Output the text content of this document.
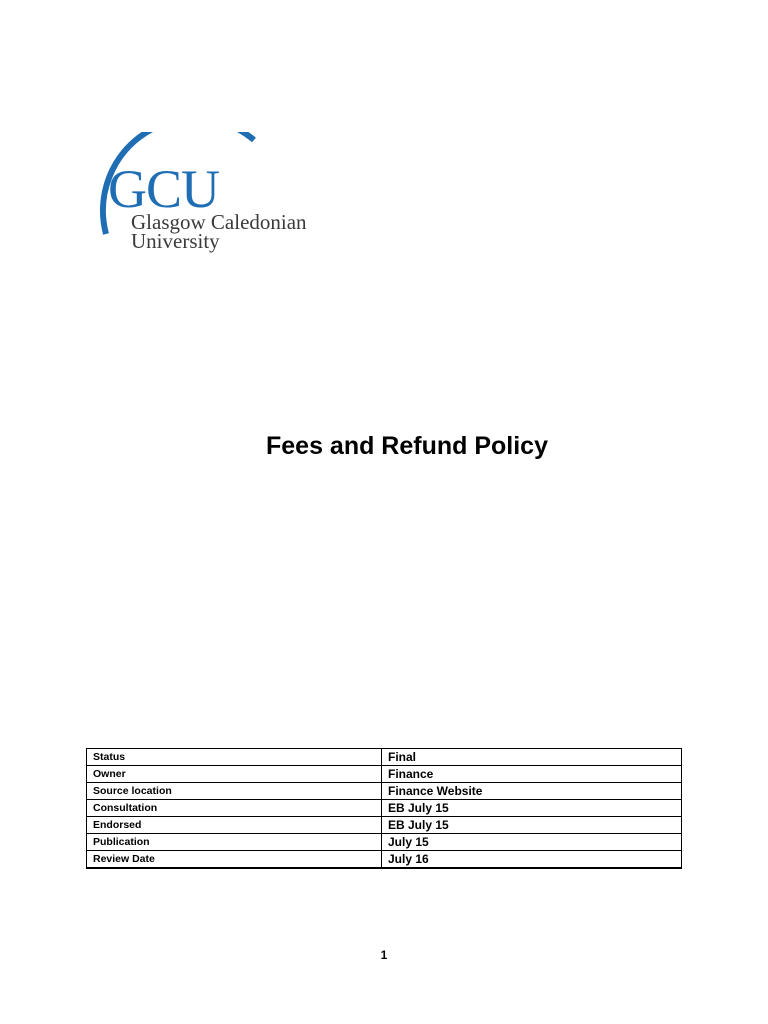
GCU
Glasgow Caledonian
University
Fees and Refund Policy
Status	Final
Owner	Finance
Source location	Finance Website
Consultation	EB July 15
Endorsed	EB July 15
Publication	July 15
Review Date	July 16
1
